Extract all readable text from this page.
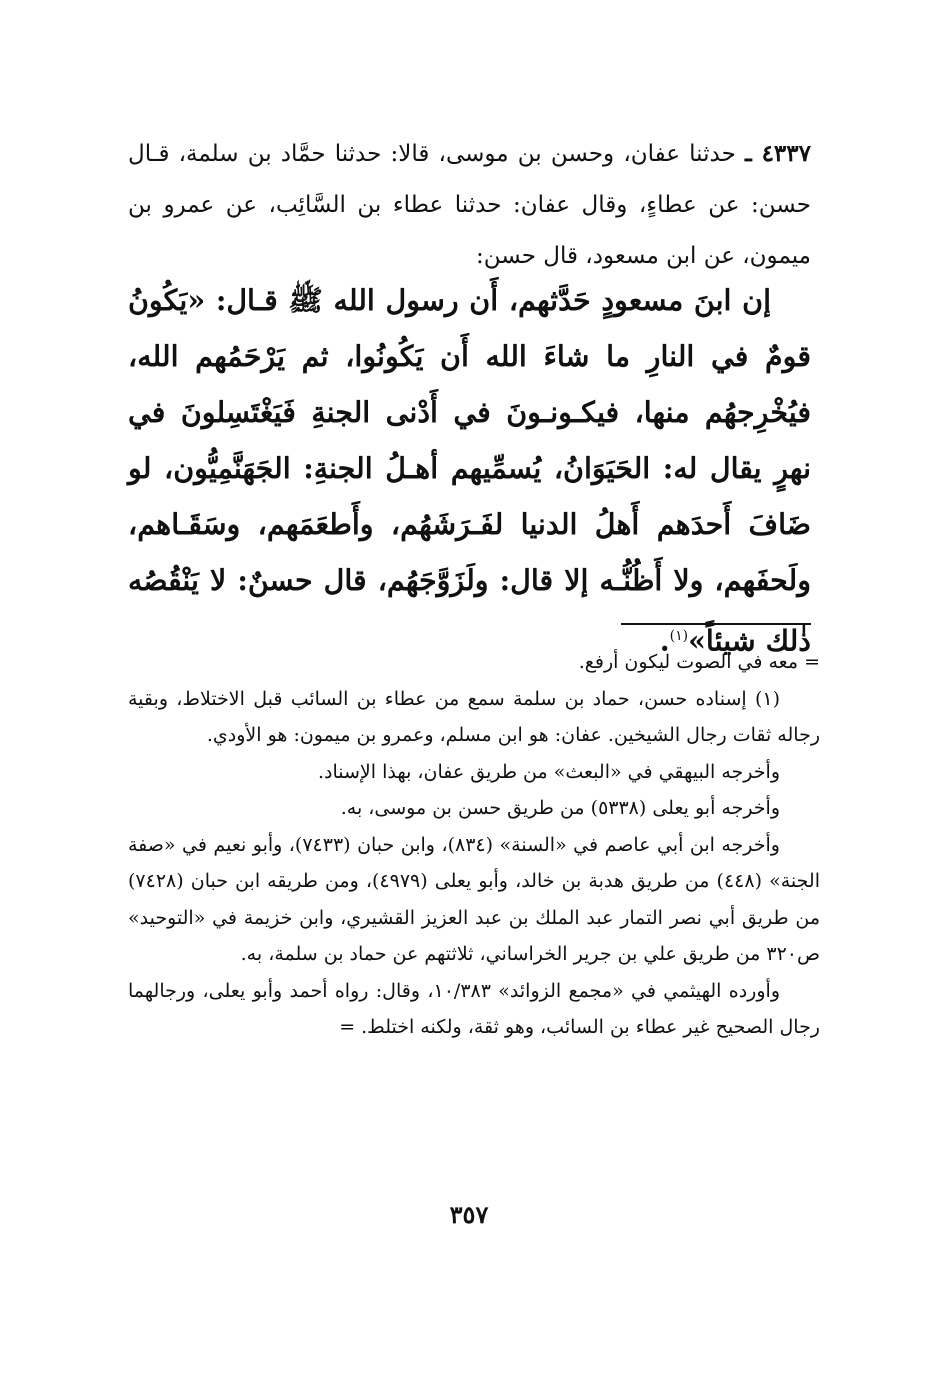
٤٣٣٧ ـ حدثنا عفان، وحسن بن موسى، قالا: حدثنا حمَّاد بن سلمة، قـال حسن: عن عطاءٍ، وقال عفان: حدثنا عطاء بن السَّائِب، عن عمرو بن ميمون، عن ابن مسعود، قال حسن:

إن ابنَ مسعودٍ حَدَّثهم، أَن رسول الله ﷺ قـال: «يَكُونُ قومٌ في النارِ ما شاءَ الله أَن يَكُونُوا، ثم يَرْحَمُهم الله، فيُخْرِجهُم منها، فيكـونـونَ في أَدْنى الجنةِ فَيَغْتَسِلونَ في نهرٍ يقال له: الحَيَوَانُ، يُسمِّيهم أهـلُ الجنةِ: الجَهَنَّمِيُّون، لو ضَافَ أَحدَهم أَهلُ الدنيا لفَـرَشَهُم، وأَطعَمَهم، وسَقَـاهم، ولَحفَهم، ولا أَظُنُّـه إلا قال: ولَزَوَّجَهُم، قال حسنٌ: لا يَنْقُصُه ذٰلك شيئاً»$^{(١)}$.

= معه في الصوت ليكون أرفع.

(١) إسناده حسن، حماد بن سلمة سمع من عطاء بن السائب قبل الاختلاط، وبقية رجاله ثقات رجال الشيخين. عفان: هو ابن مسلم، وعمرو بن ميمون: هو الأودي.

وأخرجه البيهقي في «البعث» من طريق عفان، بهذا الإسناد.

وأخرجه أبو يعلى (٥٣٣٨) من طريق حسن بن موسى، به.

وأخرجه ابن أبي عاصم في «السنة» (٨٣٤)، وابن حبان (٧٤٣٣)، وأبو نعيم في «صفة الجنة» (٤٤٨) من طريق هدبة بن خالد، وأبو يعلى (٤٩٧٩)، ومن طريقه ابن حبان (٧٤٢٨) من طريق أبي نصر التمار عبد الملك بن عبد العزيز القشيري، وابن خزيمة في «التوحيد» ص٣٢٠ من طريق علي بن جرير الخراساني، ثلاثتهم عن حماد بن سلمة، به.

وأورده الهيثمي في «مجمع الزوائد» ١٠/٣٨٣، وقال: رواه أحمد وأبو يعلى، ورجالهما رجال الصحيح غير عطاء بن السائب، وهو ثقة، ولكنه اختلط. =

٣٥٧
